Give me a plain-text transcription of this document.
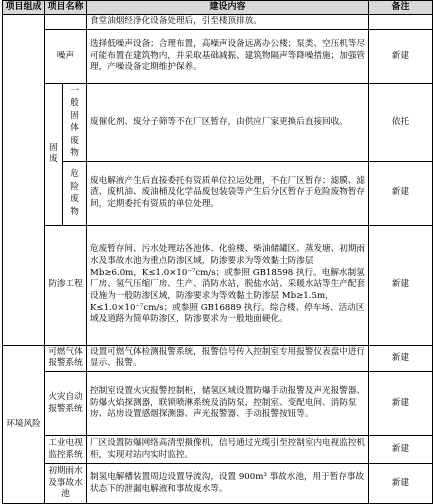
项目组成	项目名称		建设内容	备注
			食堂油烟经净化设备处理后，引至楼顶排放。	
	噪声		选择低噪声设备；合理布置，高噪声设备远离办公楼；泵类、空压机等尽可能布置在建筑物内，并采取基础减振、建筑物隔声等降噪措施；加强管理，产噪设备定期维护保养。	新建
	固废	一般固体废物	废催化剂、废分子筛等不在厂区暂存，由供应厂家更换后直接回收。	依托

		危险废物	废电解液产生后直接委托有资质单位拉运处理，不在厂区暂存；滤膜、滤渣、废机油、废油桶及化学品废包装袋等产生后分区暂存于危险废物暂存间，定期委托有资质的单位处理。	新建
	防渗工程		危废暂存间、污水处理站各池体、化验楼、柴油储罐区、蒸发塘、初期雨水及事故水池为重点防渗区域，防渗要求为等效黏土防渗层 Mb≥6.0m，K≤1.0×10⁻⁷cm/s；或参照 GB18598 执行。电解水制氢厂房、氢气压缩厂房、生产、消防水站，脱盐水站、采暖水站等生产配套设施为一般防渗区域，防渗要求为等效黏土防渗层 Mb≥1.5m，K≤1.0×10⁻⁷cm/s；或参照 GB16889 执行。综合楼、停车场、活动区域及道路为简单防渗区，防渗要求为一般地面硬化。	新建
环境风险	可燃气体报警系统		设置可燃气体检测报警系统，报警信号传入控制室专用报警仪表盘中进行显示、报警。	新建
	火灾自动报警系统		控制室设置火灾报警控制柜，储氢区域设置防爆手动报警及声光报警器、防爆火焰探测器，联锁喷淋系统及消防泵，控制室、变配电间、消防泵房、站房设置感烟探测器、声光报警器、手动报警按钮等。	新建
	工业电视监控系统		厂区设置防爆网络高清型摄像机，信号通过光缆引至控制室内电视监控机柜，实现对站内实时监控。	新建
	初期雨水及事故水池		制氢电解槽装置周边设置导流沟，设置 900m³ 事故水池，用于暂存事故状态下的泄漏电解液和事故废水等。	新建
